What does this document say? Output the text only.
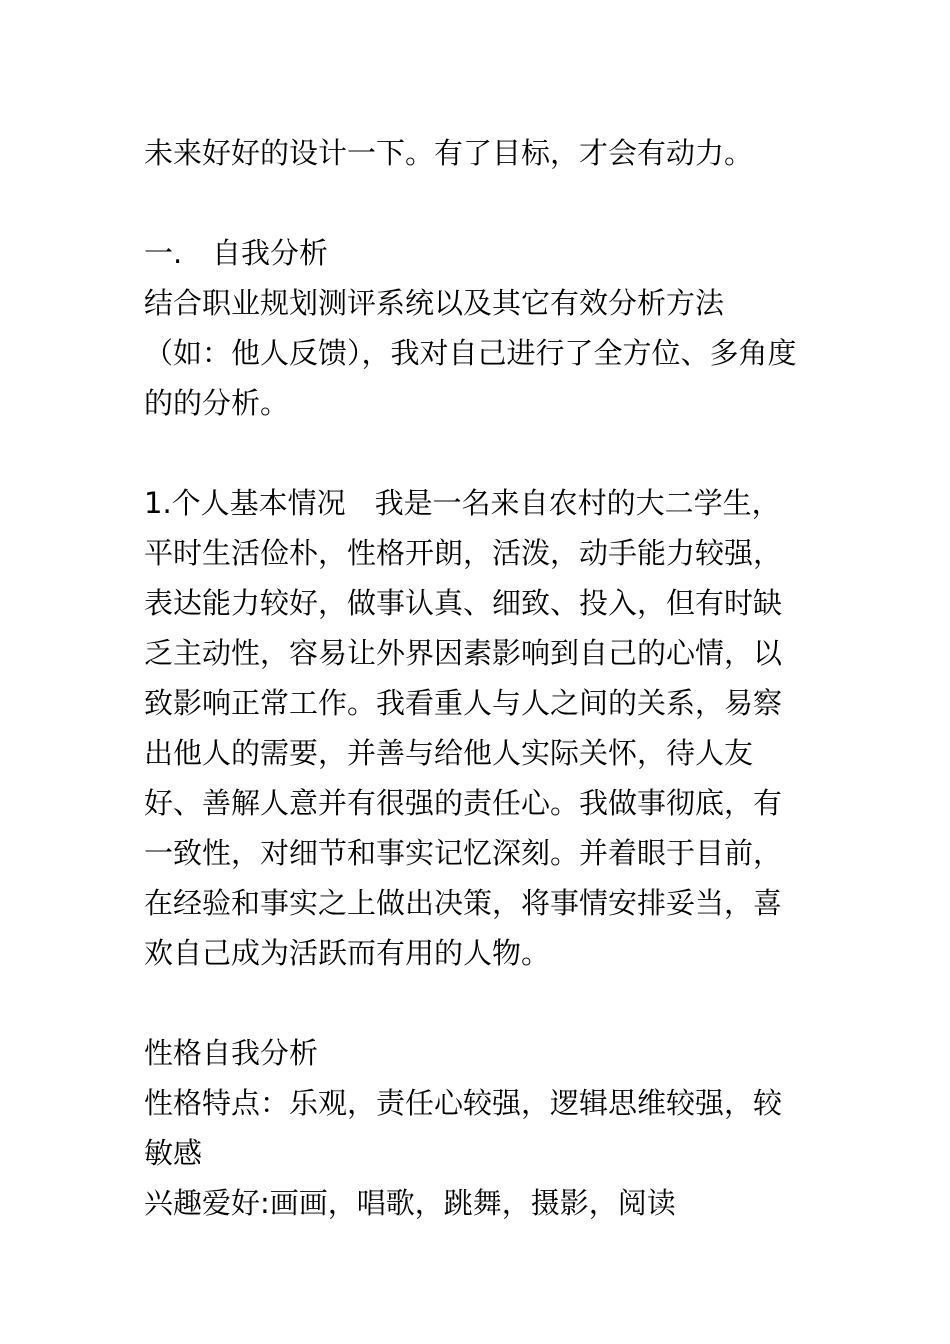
未来好好的设计一下。有了目标，才会有动力。

一. 自我分析

结合职业规划测评系统以及其它有效分析方法（如：他人反馈），我对自己进行了全方位、多角度的的分析。

1.个人基本情况　我是一名来自农村的大二学生，平时生活俭朴，性格开朗，活泼，动手能力较强，表达能力较好，做事认真、细致、投入，但有时缺乏主动性，容易让外界因素影响到自己的心情，以致影响正常工作。我看重人与人之间的关系，易察出他人的需要，并善与给他人实际关怀，待人友好、善解人意并有很强的责任心。我做事彻底，有一致性，对细节和事实记忆深刻。并着眼于目前，在经验和事实之上做出决策，将事情安排妥当，喜欢自己成为活跃而有用的人物。

性格自我分析

性格特点：乐观，责任心较强，逻辑思维较强，较敏感

兴趣爱好:画画，唱歌，跳舞，摄影，阅读
